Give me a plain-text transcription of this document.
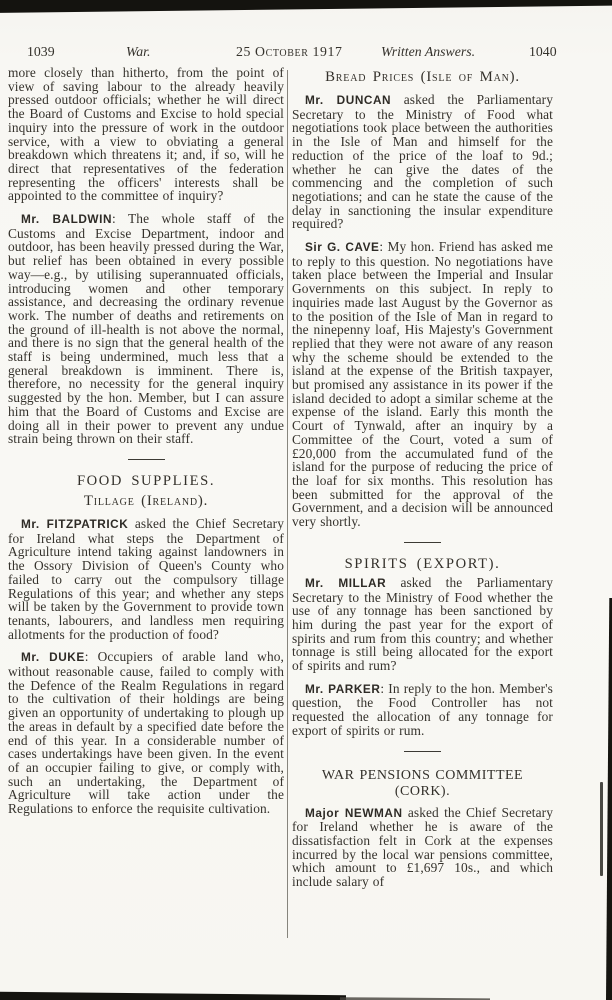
1039	War.	25 October 1917	Written Answers.	1040

more closely than hitherto, from the point of view of saving labour to the already heavily pressed outdoor officials; whether he will direct the Board of Customs and Excise to hold special inquiry into the pressure of work in the outdoor service, with a view to obviating a general breakdown which threatens it; and, if so, will he direct that representatives of the federation representing the officers' interests shall be appointed to the committee of inquiry?

Mr. BALDWIN: The whole staff of the Customs and Excise Department, indoor and outdoor, has been heavily pressed during the War, but relief has been obtained in every possible way—e.g., by utilising superannuated officials, introducing women and other temporary assistance, and decreasing the ordinary revenue work. The number of deaths and retirements on the ground of ill-health is not above the normal, and there is no sign that the general health of the staff is being undermined, much less that a general breakdown is imminent. There is, therefore, no necessity for the general inquiry suggested by the hon. Member, but I can assure him that the Board of Customs and Excise are doing all in their power to prevent any undue strain being thrown on their staff.

FOOD SUPPLIES.
Tillage (Ireland).

Mr. FITZPATRICK asked the Chief Secretary for Ireland what steps the Department of Agriculture intend taking against landowners in the Ossory Division of Queen's County who failed to carry out the compulsory tillage Regulations of this year; and whether any steps will be taken by the Government to provide town tenants, labourers, and landless men requiring allotments for the production of food?

Mr. DUKE: Occupiers of arable land who, without reasonable cause, failed to comply with the Defence of the Realm Regulations in regard to the cultivation of their holdings are being given an opportunity of undertaking to plough up the areas in default by a specified date before the end of this year. In a considerable number of cases undertakings have been given. In the event of an occupier failing to give, or comply with, such an undertaking, the Department of Agriculture will take action under the Regulations to enforce the requisite cultivation.

Bread Prices (Isle of Man).

Mr. DUNCAN asked the Parliamentary Secretary to the Ministry of Food what negotiations took place between the authorities in the Isle of Man and himself for the reduction of the price of the loaf to 9d.; whether he can give the dates of the commencing and the completion of such negotiations; and can he state the cause of the delay in sanctioning the insular expenditure required?

Sir G. CAVE: My hon. Friend has asked me to reply to this question. No negotiations have taken place between the Imperial and Insular Governments on this subject. In reply to inquiries made last August by the Governor as to the position of the Isle of Man in regard to the ninepenny loaf, His Majesty's Government replied that they were not aware of any reason why the scheme should be extended to the island at the expense of the British taxpayer, but promised any assistance in its power if the island decided to adopt a similar scheme at the expense of the island. Early this month the Court of Tynwald, after an inquiry by a Committee of the Court, voted a sum of £20,000 from the accumulated fund of the island for the purpose of reducing the price of the loaf for six months. This resolution has been submitted for the approval of the Government, and a decision will be announced very shortly.

SPIRITS (EXPORT).

Mr. MILLAR asked the Parliamentary Secretary to the Ministry of Food whether the use of any tonnage has been sanctioned by him during the past year for the export of spirits and rum from this country; and whether tonnage is still being allocated for the export of spirits and rum?

Mr. PARKER: In reply to the hon. Member's question, the Food Controller has not requested the allocation of any tonnage for export of spirits or rum.

WAR PENSIONS COMMITTEE (CORK).

Major NEWMAN asked the Chief Secretary for Ireland whether he is aware of the dissatisfaction felt in Cork at the expenses incurred by the local war pensions committee, which amount to £1,697 10s., and which include salary of
